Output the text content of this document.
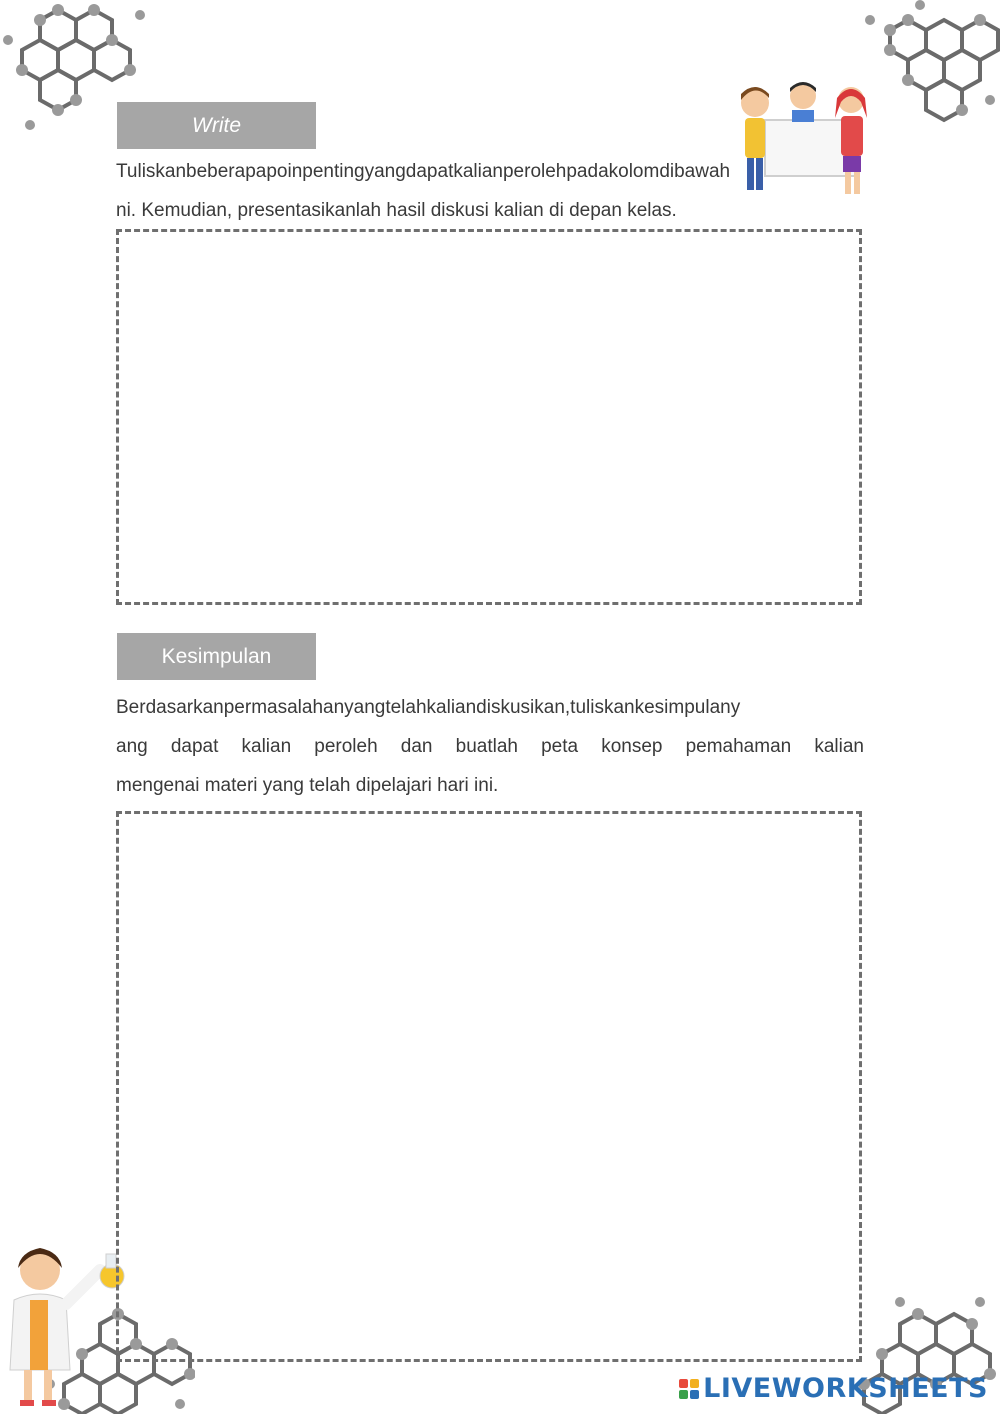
Write
Tuliskanbeberapapoinpentingyangdapatkalianperolehpadakolomdibawah
ni. Kemudian, presentasikanlah hasil diskusi kalian di depan kelas.
Kesimpulan
Berdasarkanpermasalahanyangtelahkaliandiskusikan,tuliskankesimpulany
ang dapat kalian peroleh dan buatlah peta konsep pemahaman kalian
mengenai materi yang telah dipelajari hari ini.
LIVEWORKSHEETS
